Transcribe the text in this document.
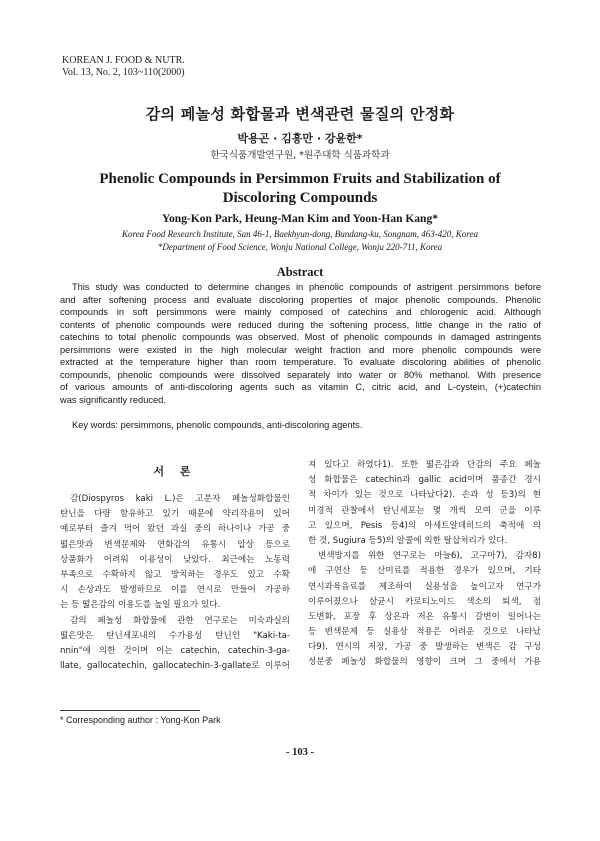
KOREAN J. FOOD & NUTR.
Vol. 13, No. 2, 103~110(2000)
감의 페놀성 화합물과 변색관련 물질의 안정화
박용곤 · 김흥만 · 강윤한*
한국식품개발연구원, *원주대학 식품과학과
Phenolic Compounds in Persimmon Fruits and Stabilization of
Discoloring Compounds
Yong-Kon Park, Heung-Man Kim and Yoon-Han Kang*
Korea Food Research Institute, San 46-1, Baekhyun-dong, Bundang-ku, Songnam, 463-420, Korea
*Department of Food Science, Wonju National College, Wonju 220-711, Korea
Abstract
This study was conducted to determine changes in phenolic compounds of astrigent persimmons before
and after softening process and evaluate discoloring properties of major phenolic compounds. Phenolic
compounds in soft persimmons were mainly composed of catechins and chlorogenic acid. Although
contents of phenolic compounds were reduced during the softening process, little change in the ratio of
catechins to total phenolic compounds was observed. Most of phenolic compounds in damaged astringents
persimmons were existed in the high molecular weight fraction and more phenolic compounds were
extracted at the temperature higher than room temperature. To evaluate discoloring abilities of phenolic
compounds, phenolic compounds were dissolved separately into water or 80% methanol. With presence
of various amounts of anti-discoloring agents such as vitamin C, citric acid, and L-cystein, (+)catechin
was significantly reduced.
Key words: persimmons, phenolic compounds, anti-discoloring agents.
서 론
감(Diospyros kaki L.)은 고분자 페놀성화합물인
탄닌을 다량 함유하고 있기 때문에 약리작용이 있어
예로부터 즐겨 먹어 왔던 과실 중의 하나이나 가공 중
떫은맛과 변색문제와 연화감의 유통시 압상 등으로
상품화가 어려워 이용성이 낮았다. 최근에는 노동력
부족으로 수확하지 않고 방치하는 경우도 있고 수확
시 손상과도 발생하므로 이를 연시로 만들어 가공하
는 등 떫은감의 이용도를 높일 필요가 있다.
감의 페놀성 화합물에 관한 연구로는 미숙과실의
떫은맛은 탄닌세포내의 수가용성 탄닌인 "Kaki-ta-
nnin"에 의한 것이며 이는 catechin, catechin-3-ga-
llate, gallocatechin, gallocatechin-3-gallate로 이루어
져 있다고 하였다1). 또한 떫은감과 단감의 주요 페놀
성 화합물은 catechin과 gallic acid이며 품종간 경시
적 차이가 있는 것으로 나타났다2). 손과 성 등3)의 현
미경적 관찰에서 탄닌세포는 몇 개씩 모여 군을 이루
고 있으며, Pesis 등4)의 아세트알데히드의 축적에 의
한 것, Sugiura 등5)의 알콜에 의한 탈삽처리가 있다.
변색방지를 위한 연구로는 마늘6), 고구마7), 감자8)
에 구연산 등 산미료를 적용한 경우가 있으며, 기타
연시과육음료를 제조하여 실용성을 높이고자 연구가
이루어졌으나 살균시 카로티노이드 색소의 퇴색, 점
도변화, 포장 후 상온과 저온 유통시 갈변이 일어나는
등 변색문제 등 실용상 적용은 어려운 것으로 나타났
다9). 연시의 저장, 가공 중 발생하는 변색은 감 구성
성분중 페놀성 화합물의 영향이 크며 그 중에서 가용
* Corresponding author : Yong-Kon Park
- 103 -
